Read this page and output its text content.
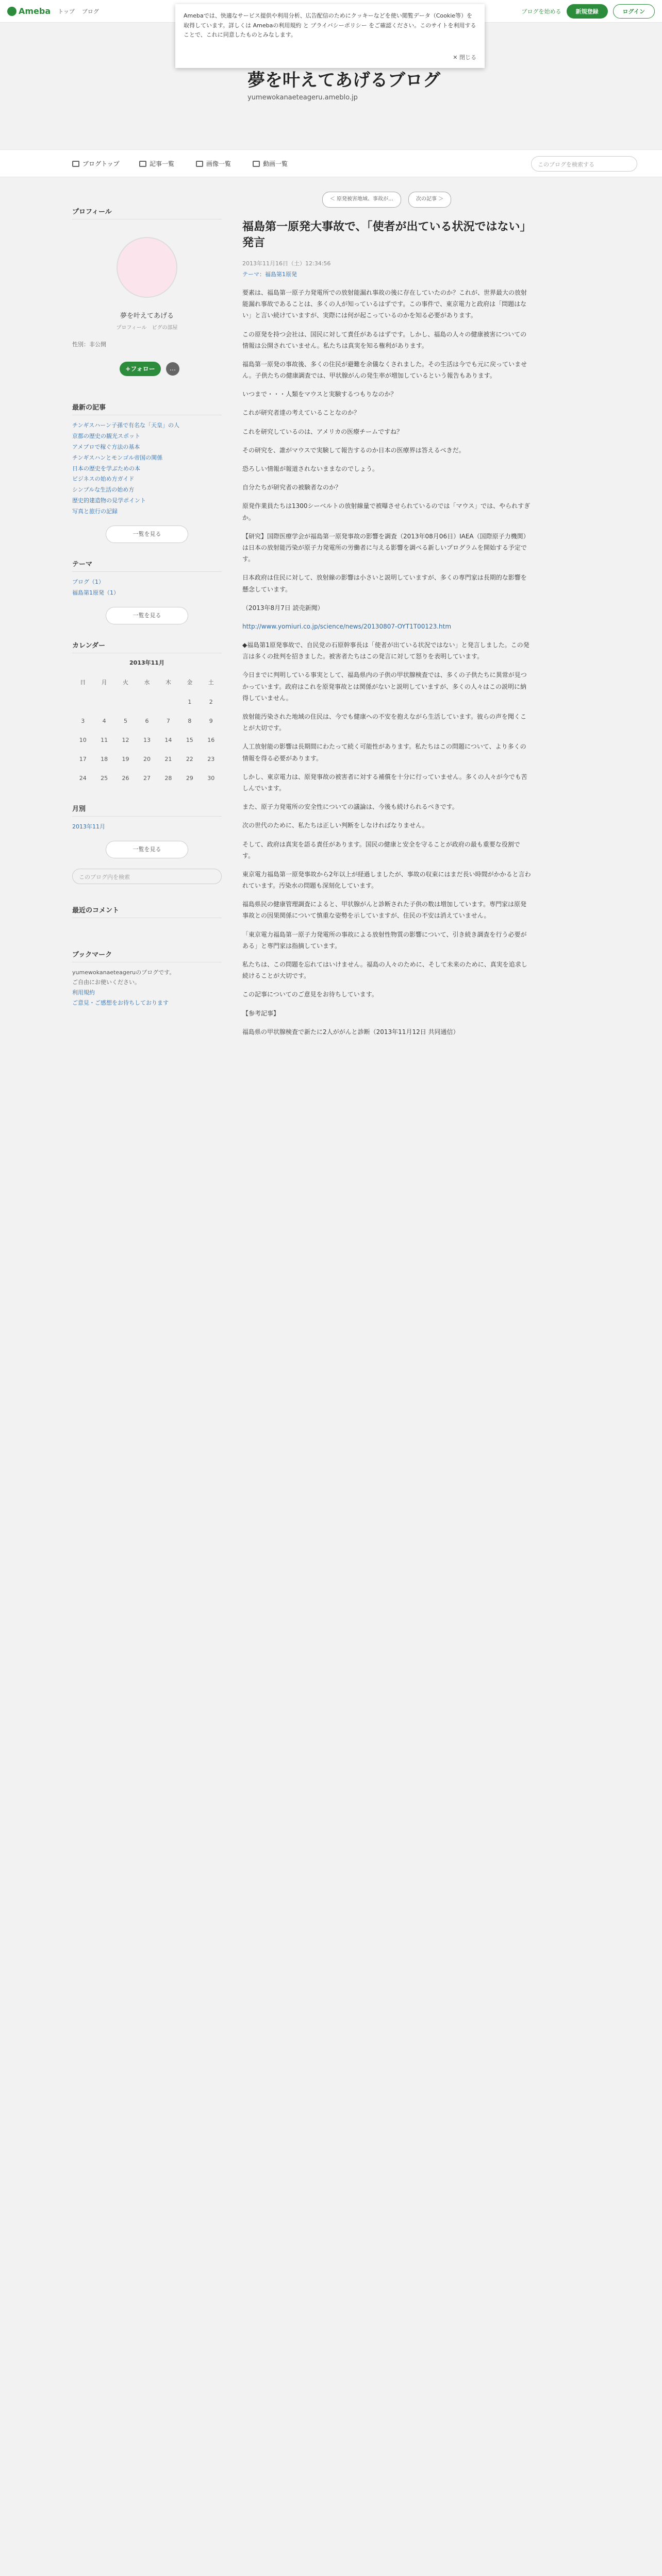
Ameba トップ ブログ	ブログを始める	新規登録	ログイン
夢を叶えてあげるブログ
yumewokanaeteageru.ameblo.jp
Amebaでは、快適なサービス提供や利用分析、広告配信のためにクッキーなどを使い閲覧データ（Cookie等）を取得しています。詳しくは Amebaの利用規約 と プライバシーポリシー をご確認ください。このサイトを利用することで、これに同意したものとみなします。
✕ 閉じる
ブログトップ	記事一覧	画像一覧	動画一覧	このブログを検索する
プロフィール
夢を叶えてあげる
プロフィール　ピグの部屋
性別：非公開
+フォロー	…
最新の記事
チンギスハーン子孫で有名な「天皇」の人
京都の歴史の観光スポット
アメブロで稼ぐ方法の基本
チンギスハンとモンゴル帝国の関係
日本の歴史を学ぶための本
ビジネスの始め方ガイド
シンプルな生活の始め方
歴史的建造物の見学ポイント
写真と旅行の記録
一覧を見る
テーマ
ブログ（1）
福島第1原発（1）
一覧を見る
カレンダー
2013年11月
日	月	火	水	木	金	土
					1	2
3	4	5	6	7	8	9
10	11	12	13	14	15	16
17	18	19	20	21	22	23
24	25	26	27	28	29	30
月別
2013年11月
一覧を見る
このブログ内を検索
最近のコメント
ブックマーク
yumewokanaeteageruのブログです。
ご自由にお使いください。
利用規約
ご意見・ご感想をお待ちしております
＜ 原発被害地域、事故が…	次の記事 ＞
福島第一原発大事故で、「使者が出ている状況ではない」発言
2013年11月16日（土）12:34:56
テーマ：福島第1原発
要素は、福島第一原子力発電所での放射能漏れ事故の後に存在していたのか？これが、世界最大の放射能漏れ事故であることは、多くの人が知っているはずです。この事件で、東京電力と政府は「問題はない」と言い続けていますが、実際には何が起こっているのかを知る必要があります。
この原発を持つ会社は、国民に対して責任があるはずです。しかし、福島の人々の健康被害についての情報は公開されていません。私たちは真実を知る権利があります。
福島第一原発の事故後、多くの住民が避難を余儀なくされました。その生活は今でも元に戻っていません。子供たちの健康調査では、甲状腺がんの発生率が増加しているという報告もあります。
いつまで・・・人類をマウスと実験するつもりなのか？
これが研究者達の考えていることなのか？
これを研究しているのは、アメリカの医療チームですね？
その研究を、誰がマウスで実験して報告するのか日本の医療界は答えるべきだ。
恐ろしい情報が報道されないままなのでしょう。
自分たちが研究者の被験者なのか？
原発作業員たちは1300シーベルトの放射線量で被曝させられているのでは「マウス」では、やられすぎか。
【研究】国際医療学会が福島第一原発事故の影響を調査（2013年08月06日）IAEA（国際原子力機関）は日本の放射能汚染が原子力発電所の労働者に与える影響を調べる新しいプログラムを開始する予定です。
日本政府は住民に対して、放射線の影響は小さいと説明していますが、多くの専門家は長期的な影響を懸念しています。
（2013年8月7日 読売新聞）
http://www.yomiuri.co.jp/science/news/20130807-OYT1T00123.htm
◆福島第1原発事故で、自民党の石原幹事長は「使者が出ている状況ではない」と発言しました。この発言は多くの批判を招きました。被害者たちはこの発言に対して怒りを表明しています。
今日までに判明している事実として、福島県内の子供の甲状腺検査では、多くの子供たちに異常が見つかっています。政府はこれを原発事故とは関係がないと説明していますが、多くの人々はこの説明に納得していません。
放射能汚染された地域の住民は、今でも健康への不安を抱えながら生活しています。彼らの声を聞くことが大切です。
人工放射能の影響は長期間にわたって続く可能性があります。私たちはこの問題について、より多くの情報を得る必要があります。
しかし、東京電力は、原発事故の被害者に対する補償を十分に行っていません。多くの人々が今でも苦しんでいます。
また、原子力発電所の安全性についての議論は、今後も続けられるべきです。
次の世代のために、私たちは正しい判断をしなければなりません。
そして、政府は真実を語る責任があります。国民の健康と安全を守ることが政府の最も重要な役割です。
東京電力福島第一原発事故から2年以上が経過しましたが、事故の収束にはまだ長い時間がかかると言われています。汚染水の問題も深刻化しています。
福島県民の健康管理調査によると、甲状腺がんと診断された子供の数は増加しています。専門家は原発事故との因果関係について慎重な姿勢を示していますが、住民の不安は消えていません。
「東京電力福島第一原子力発電所の事故による放射性物質の影響について、引き続き調査を行う必要がある」と専門家は指摘しています。
私たちは、この問題を忘れてはいけません。福島の人々のために、そして未来のために、真実を追求し続けることが大切です。
この記事についてのご意見をお待ちしています。
【参考記事】
福島県の甲状腺検査で新たに2人ががんと診断（2013年11月12日 共同通信）
